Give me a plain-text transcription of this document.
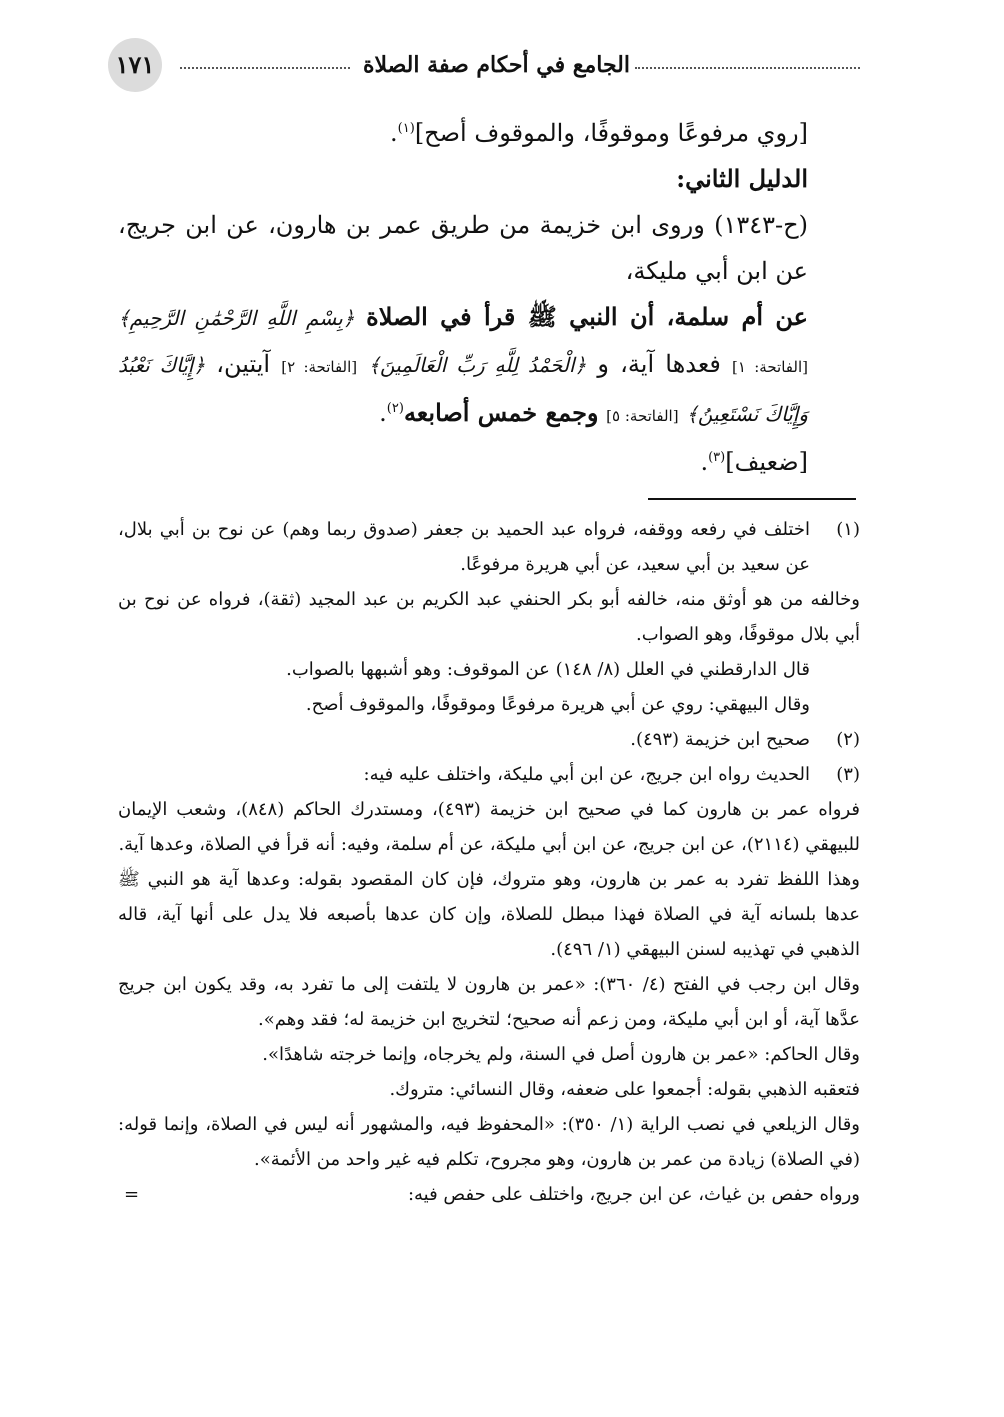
١٧١	الجامع في أحكام صفة الصلاة

[روي مرفوعًا وموقوفًا، والموقوف أصح]$^{(١)}$.

الدليل الثاني:

(ح-١٣٤٣) وروى ابن خزيمة من طريق عمر بن هارون، عن ابن جريج، عن ابن أبي مليكة،

عن أم سلمة، أن النبي ﷺ قرأ في الصلاة ﴿بِسْمِ اللَّهِ الرَّحْمَٰنِ الرَّحِيمِ﴾ [الفاتحة: ١] فعدها آية، و ﴿الْحَمْدُ لِلَّهِ رَبِّ الْعَالَمِينَ﴾ [الفاتحة: ٢] آيتين، ﴿إِيَّاكَ نَعْبُدُ وَإِيَّاكَ نَسْتَعِينُ﴾ [الفاتحة: ٥] وجمع خمس أصابعه$^{(٢)}$.

[ضعيف]$^{(٣)}$.

(١)

اختلف في رفعه ووقفه، فرواه عبد الحميد بن جعفر (صدوق ربما وهم) عن نوح بن أبي بلال، عن سعيد بن أبي سعيد، عن أبي هريرة مرفوعًا.

وخالفه من هو أوثق منه، خالفه أبو بكر الحنفي عبد الكريم بن عبد المجيد (ثقة)، فرواه عن نوح بن أبي بلال موقوفًا، وهو الصواب.

قال الدارقطني في العلل (٨/ ١٤٨) عن الموقوف: وهو أشبهها بالصواب.

وقال البيهقي: روي عن أبي هريرة مرفوعًا وموقوفًا، والموقوف أصح.

(٢)

صحيح ابن خزيمة (٤٩٣).

(٣)

الحديث رواه ابن جريج، عن ابن أبي مليكة، واختلف عليه فيه:

فرواه عمر بن هارون كما في صحيح ابن خزيمة (٤٩٣)، ومستدرك الحاكم (٨٤٨)، وشعب الإيمان للبيهقي (٢١١٤)، عن ابن جريج، عن ابن أبي مليكة، عن أم سلمة، وفيه: أنه قرأ في الصلاة، وعدها آية.

وهذا اللفظ تفرد به عمر بن هارون، وهو متروك، فإن كان المقصود بقوله: وعدها آية هو النبي ﷺ عدها بلسانه آية في الصلاة فهذا مبطل للصلاة، وإن كان عدها بأصبعه فلا يدل على أنها آية، قاله الذهبي في تهذيبه لسنن البيهقي (١/ ٤٩٦).

وقال ابن رجب في الفتح (٤/ ٣٦٠): «عمر بن هارون لا يلتفت إلى ما تفرد به، وقد يكون ابن جريج عدَّها آية، أو ابن أبي مليكة، ومن زعم أنه صحيح؛ لتخريج ابن خزيمة له؛ فقد وهم».

وقال الحاكم: «عمر بن هارون أصل في السنة، ولم يخرجاه، وإنما خرجته شاهدًا».

فتعقبه الذهبي بقوله: أجمعوا على ضعفه، وقال النسائي: متروك.

وقال الزيلعي في نصب الراية (١/ ٣٥٠): «المحفوظ فيه، والمشهور أنه ليس في الصلاة، وإنما قوله: (في الصلاة) زيادة من عمر بن هارون، وهو مجروح، تكلم فيه غير واحد من الأئمة».

ورواه حفص بن غياث، عن ابن جريج، واختلف على حفص فيه:

=
